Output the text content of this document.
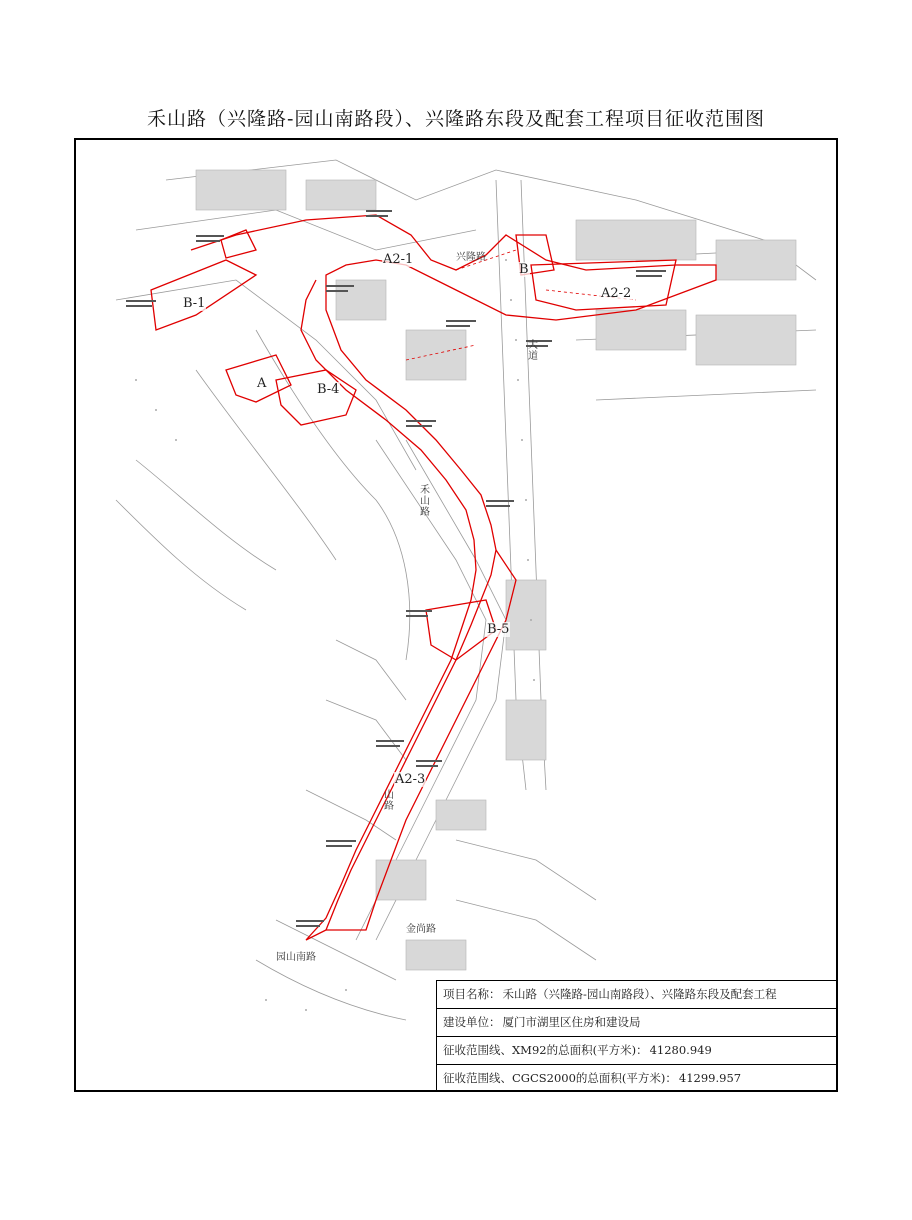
禾山路（兴隆路-园山南路段）、兴隆路东段及配套工程项目征收范围图
A2-1
A2-2
A2-3
B-1
B-4
B-5
B
A
禾山路
兴隆路
园山南路
金尚路
大道
山路
项目名称： 禾山路（兴隆路-园山南路段）、兴隆路东段及配套工程
建设单位： 厦门市湖里区住房和建设局
征收范围线、XM92的总面积(平方米)： 41280.949
征收范围线、CGCS2000的总面积(平方米)： 41299.957
